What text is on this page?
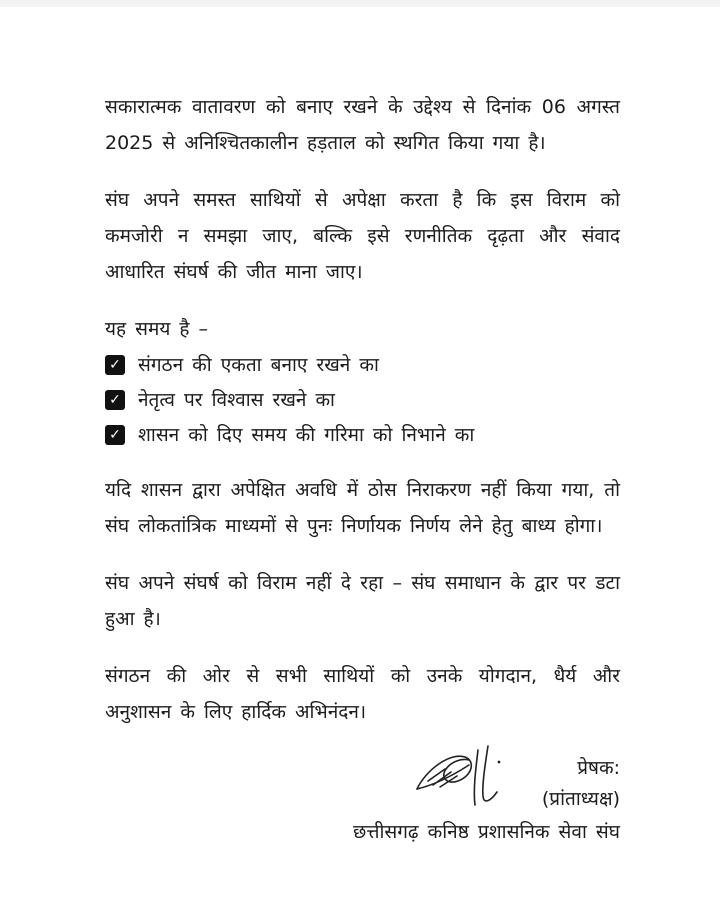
सकारात्मक वातावरण को बनाए रखने के उद्देश्य से दिनांक 06 अगस्त 2025 से अनिश्चितकालीन हड़ताल को स्थगित किया गया है।

संघ अपने समस्त साथियों से अपेक्षा करता है कि इस विराम को कमजोरी न समझा जाए, बल्कि इसे रणनीतिक दृढ़ता और संवाद आधारित संघर्ष की जीत माना जाए।

यह समय है –

✓ संगठन की एकता बनाए रखने का
✓ नेतृत्व पर विश्वास रखने का
✓ शासन को दिए समय की गरिमा को निभाने का

यदि शासन द्वारा अपेक्षित अवधि में ठोस निराकरण नहीं किया गया, तो संघ लोकतांत्रिक माध्यमों से पुनः निर्णायक निर्णय लेने हेतु बाध्य होगा।

संघ अपने संघर्ष को विराम नहीं दे रहा – संघ समाधान के द्वार पर डटा हुआ है।

संगठन की ओर से सभी साथियों को उनके योगदान, धैर्य और अनुशासन के लिए हार्दिक अभिनंदन।

प्रेषक:
(प्रांताध्यक्ष)
छत्तीसगढ़ कनिष्ठ प्रशासनिक सेवा संघ
